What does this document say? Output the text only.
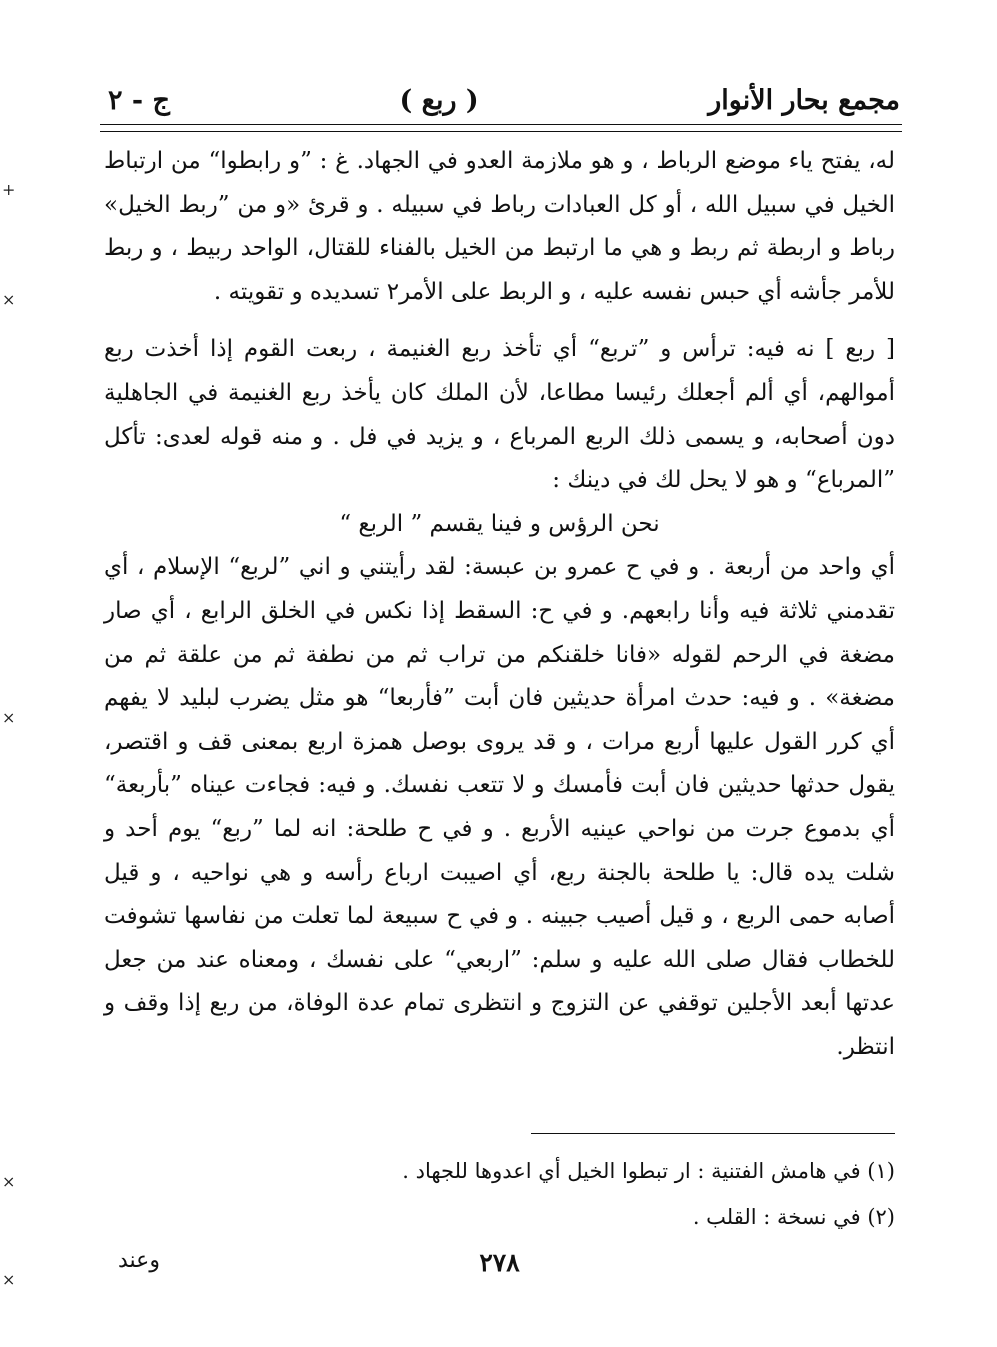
مجمع بحار الأنوار
( ربع )
ج - ٢

له، يفتح ياء موضع الرباط ، و هو ملازمة العدو في الجهاد. غ : ”و رابطوا“ من ارتباط الخيل في سبيل الله ، أو كل العبادات رباط في سبيله . و قرئ «و من ”ربط الخيل» رباط و اربطة ثم ربط و هي ما ارتبط من الخيل بالفناء للقتال، الواحد ربيط ، و ربط للأمر جأشه أي حبس نفسه عليه ، و الربط على الأمر٢ تسديده و تقويته .

[ ربع ] نه فيه: ترأس و ”تربع“ أي تأخذ ربع الغنيمة ، ربعت القوم إذا أخذت ربع أموالهم، أي ألم أجعلك رئيسا مطاعا، لأن الملك كان يأخذ ربع الغنيمة في الجاهلية دون أصحابه، و يسمى ذلك الربع المرباع ، و يزيد في فل . و منه قوله لعدى: تأكل ”المرباع“ و هو لا يحل لك في دينك :

نحن الرؤس و فينا يقسم ” الربع “

أي واحد من أربعة . و في ح عمرو بن عبسة: لقد رأيتني و اني ”لربع“ الإسلام ، أي تقدمني ثلاثة فيه وأنا رابعهم. و في ح: السقط إذا نكس في الخلق الرابع ، أي صار مضغة في الرحم لقوله «فانا خلقنكم من تراب ثم من نطفة ثم من علقة ثم من مضغة» . و فيه: حدث امرأة حديثين فان أبت ”فأربعا“ هو مثل يضرب لبليد لا يفهم أي كرر القول عليها أربع مرات ، و قد يروى بوصل همزة اربع بمعنى قف و اقتصر، يقول حدثها حديثين فان أبت فأمسك و لا تتعب نفسك. و فيه: فجاءت عيناه ”بأربعة“ أي بدموع جرت من نواحي عينيه الأربع . و في ح طلحة: انه لما ”ربع“ يوم أحد و شلت يده قال: يا طلحة بالجنة ربع، أي اصيبت ارباع رأسه و هي نواحيه ، و قيل أصابه حمى الربع ، و قيل أصيب جبينه . و في ح سبيعة لما تعلت من نفاسها تشوفت للخطاب فقال صلى الله عليه و سلم: ”اربعي“ على نفسك ، ومعناه عند من جعل عدتها أبعد الأجلين توقفي عن التزوج و انتظرى تمام عدة الوفاة، من ربع إذا وقف و انتظر.

(١) في هامش الفتنية : ار تبطوا الخيل أي اعدوها للجهاد .
(٢) في نسخة : القلب .
٢٧٨
وعند
+
×
×
×
×
